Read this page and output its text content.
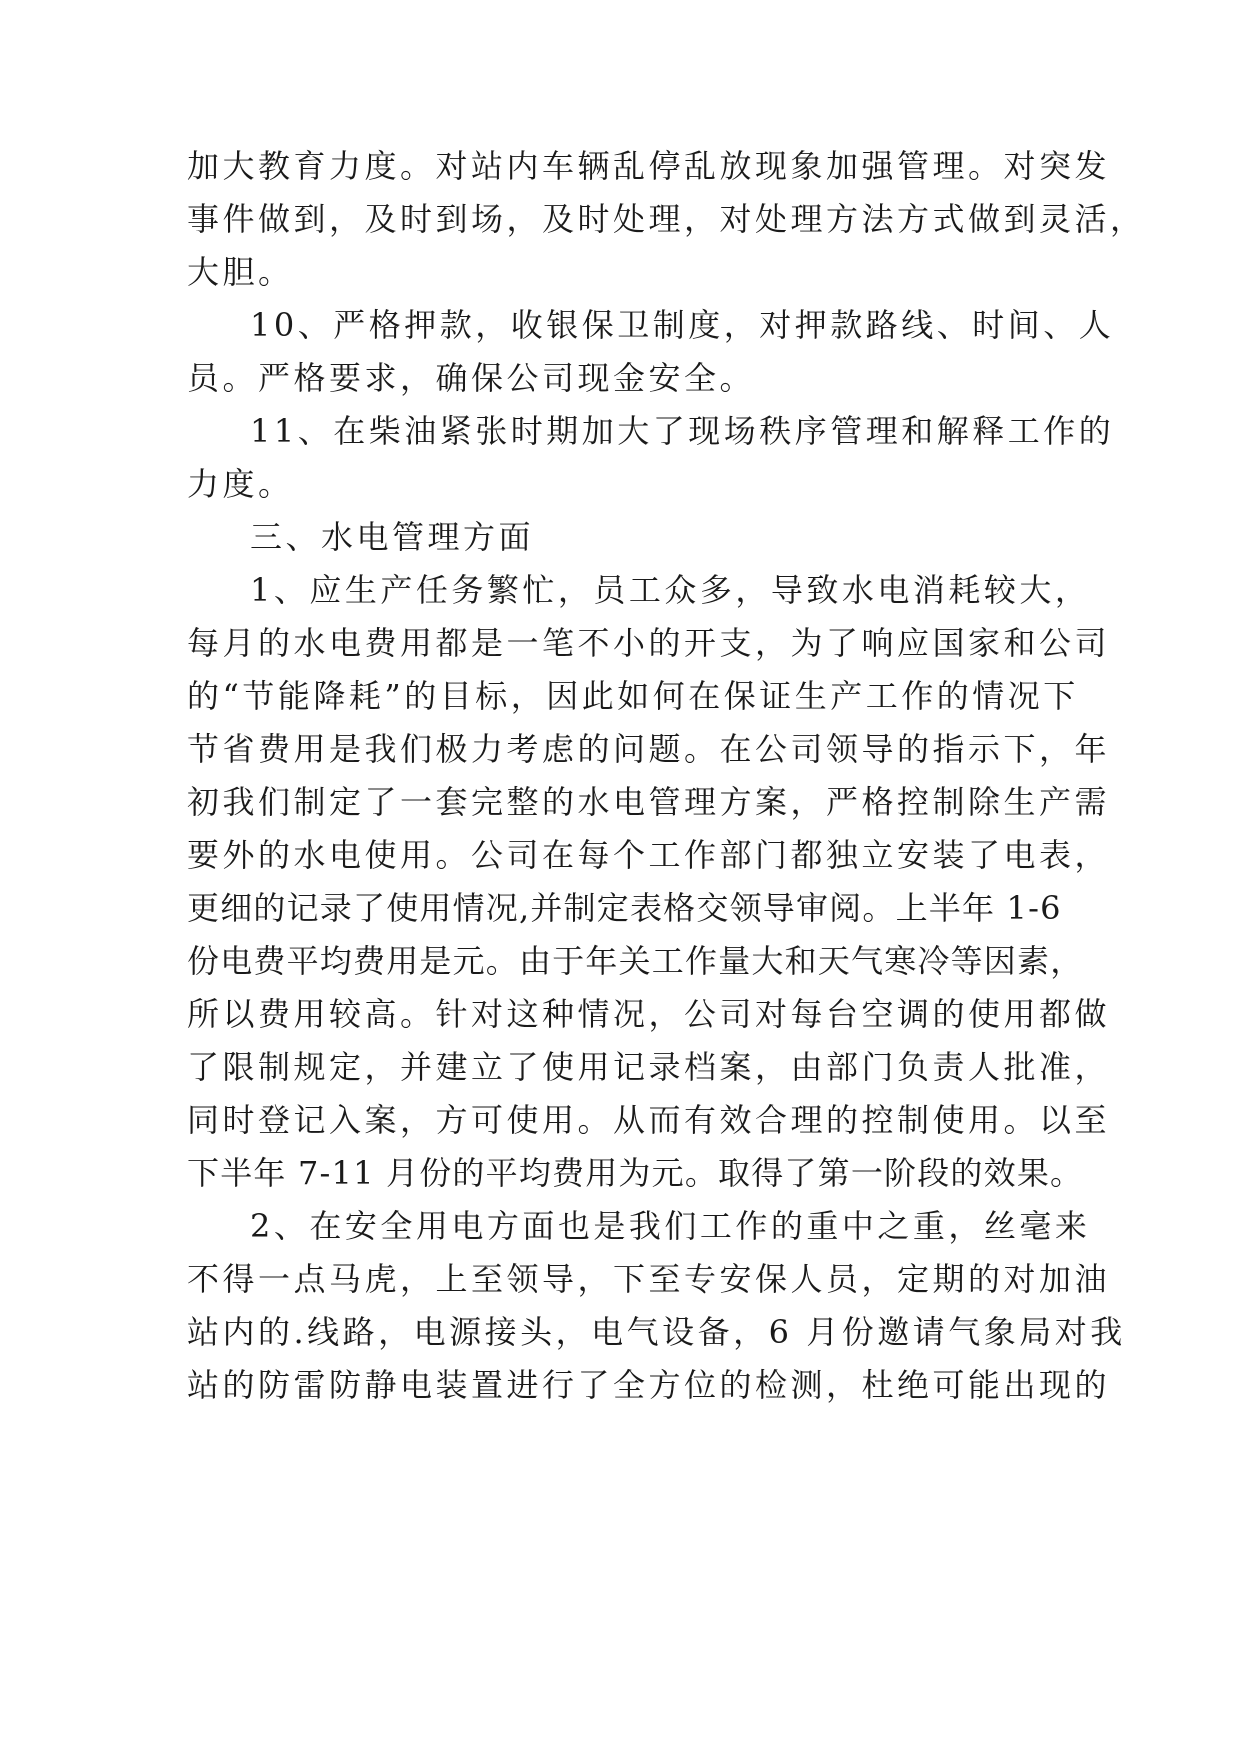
加大教育力度。对站内车辆乱停乱放现象加强管理。对突发
事件做到，及时到场，及时处理，对处理方法方式做到灵活，
大胆。
10、严格押款，收银保卫制度，对押款路线、时间、人
员。严格要求，确保公司现金安全。
11、在柴油紧张时期加大了现场秩序管理和解释工作的
力度。
三、水电管理方面
1、应生产任务繁忙，员工众多，导致水电消耗较大，
每月的水电费用都是一笔不小的开支，为了响应国家和公司
的“节能降耗”的目标，因此如何在保证生产工作的情况下
节省费用是我们极力考虑的问题。在公司领导的指示下，年
初我们制定了一套完整的水电管理方案，严格控制除生产需
要外的水电使用。公司在每个工作部门都独立安装了电表，
更细的记录了使用情况,并制定表格交领导审阅。上半年 1-6
份电费平均费用是元。由于年关工作量大和天气寒冷等因素，
所以费用较高。针对这种情况，公司对每台空调的使用都做
了限制规定，并建立了使用记录档案，由部门负责人批准，
同时登记入案，方可使用。从而有效合理的控制使用。以至
下半年 7-11 月份的平均费用为元。取得了第一阶段的效果。
2、在安全用电方面也是我们工作的重中之重，丝毫来
不得一点马虎，上至领导，下至专安保人员，定期的对加油
站内的.线路，电源接头，电气设备，6 月份邀请气象局对我
站的防雷防静电装置进行了全方位的检测，杜绝可能出现的
